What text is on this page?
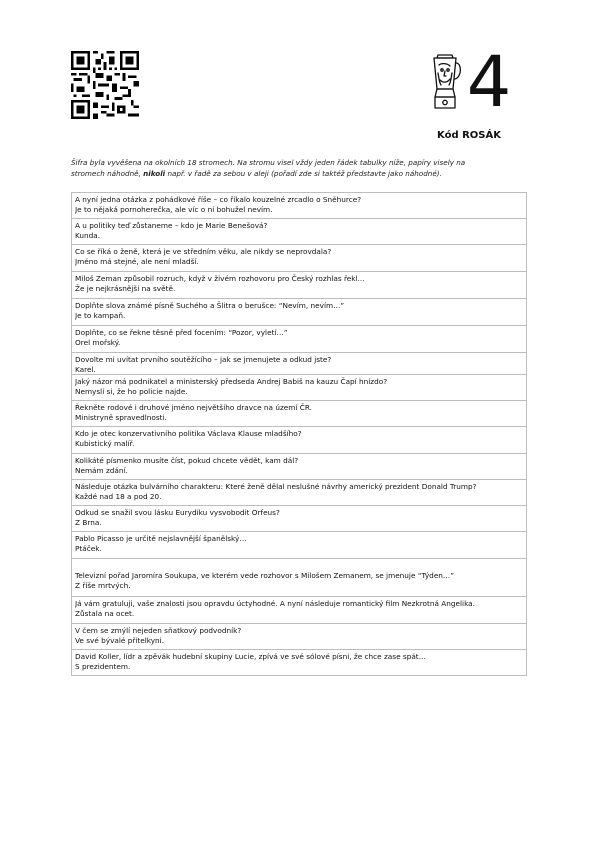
4
Kód ROSÁK
Šifra byla vyvěšena na okolních 18 stromech. Na stromu visel vždy jeden řádek tabulky níže, papíry visely na
stromech náhodně, nikoli např. v řadě za sebou v aleji (pořadí zde si taktéž představte jako náhodné).
A nyní jedna otázka z pohádkové říše – co říkalo kouzelné zrcadlo o Sněhurce?
Je to nějaká pornoherečka, ale víc o ní bohužel nevím.
A u politiky teď zůstaneme – kdo je Marie Benešová?
Kunda.
Co se říká o ženě, která je ve středním věku, ale nikdy se neprovdala?
Jméno má stejné, ale není mladší.
Miloš Zeman způsobil rozruch, když v živém rozhovoru pro Český rozhlas řekl...
Že je nejkrásnější na světě.
Doplňte slova známé písně Suchého a Šlitra o berušce: “Nevím, nevím…”
Je to kampaň.
Doplňte, co se řekne těsně před focením: “Pozor, vyletí…”
Orel mořský.
Dovolte mi uvítat prvního soutěžícího – jak se jmenujete a odkud jste?
Karel.
Jaký názor má podnikatel a ministerský předseda Andrej Babiš na kauzu Čapí hnízdo?
Nemyslí si, že ho policie najde.
Řekněte rodové i druhové jméno největšího dravce na území ČR.
Ministryně spravedlnosti.
Kdo je otec konzervativního politika Václava Klause mladšího?
Kubistický malíř.
Kolikáté písmenko musíte číst, pokud chcete vědět, kam dál?
Nemám zdání.
Následuje otázka bulvárního charakteru: Které ženě dělal neslušné návrhy americký prezident Donald Trump?
Každé nad 18 a pod 20.
Odkud se snažil svou lásku Eurydiku vysvobodit Orfeus?
Z Brna.
Pablo Picasso je určitě nejslavnější španělský…
Ptáček.
Televizní pořad Jaromíra Soukupa, ve kterém vede rozhovor s Milošem Zemanem, se jmenuje “Týden…”
Z říše mrtvých.
Já vám gratuluji, vaše znalosti jsou opravdu úctyhodné. A nyní následuje romantický film Nezkrotná Angelika.
Zůstala na ocet.
V čem se zmýlí nejeden sňatkový podvodník?
Ve své bývalé přítelkyni.
David Koller, lídr a zpěvák hudební skupiny Lucie, zpívá ve své sólové písni, že chce zase spát…
S prezidentem.
